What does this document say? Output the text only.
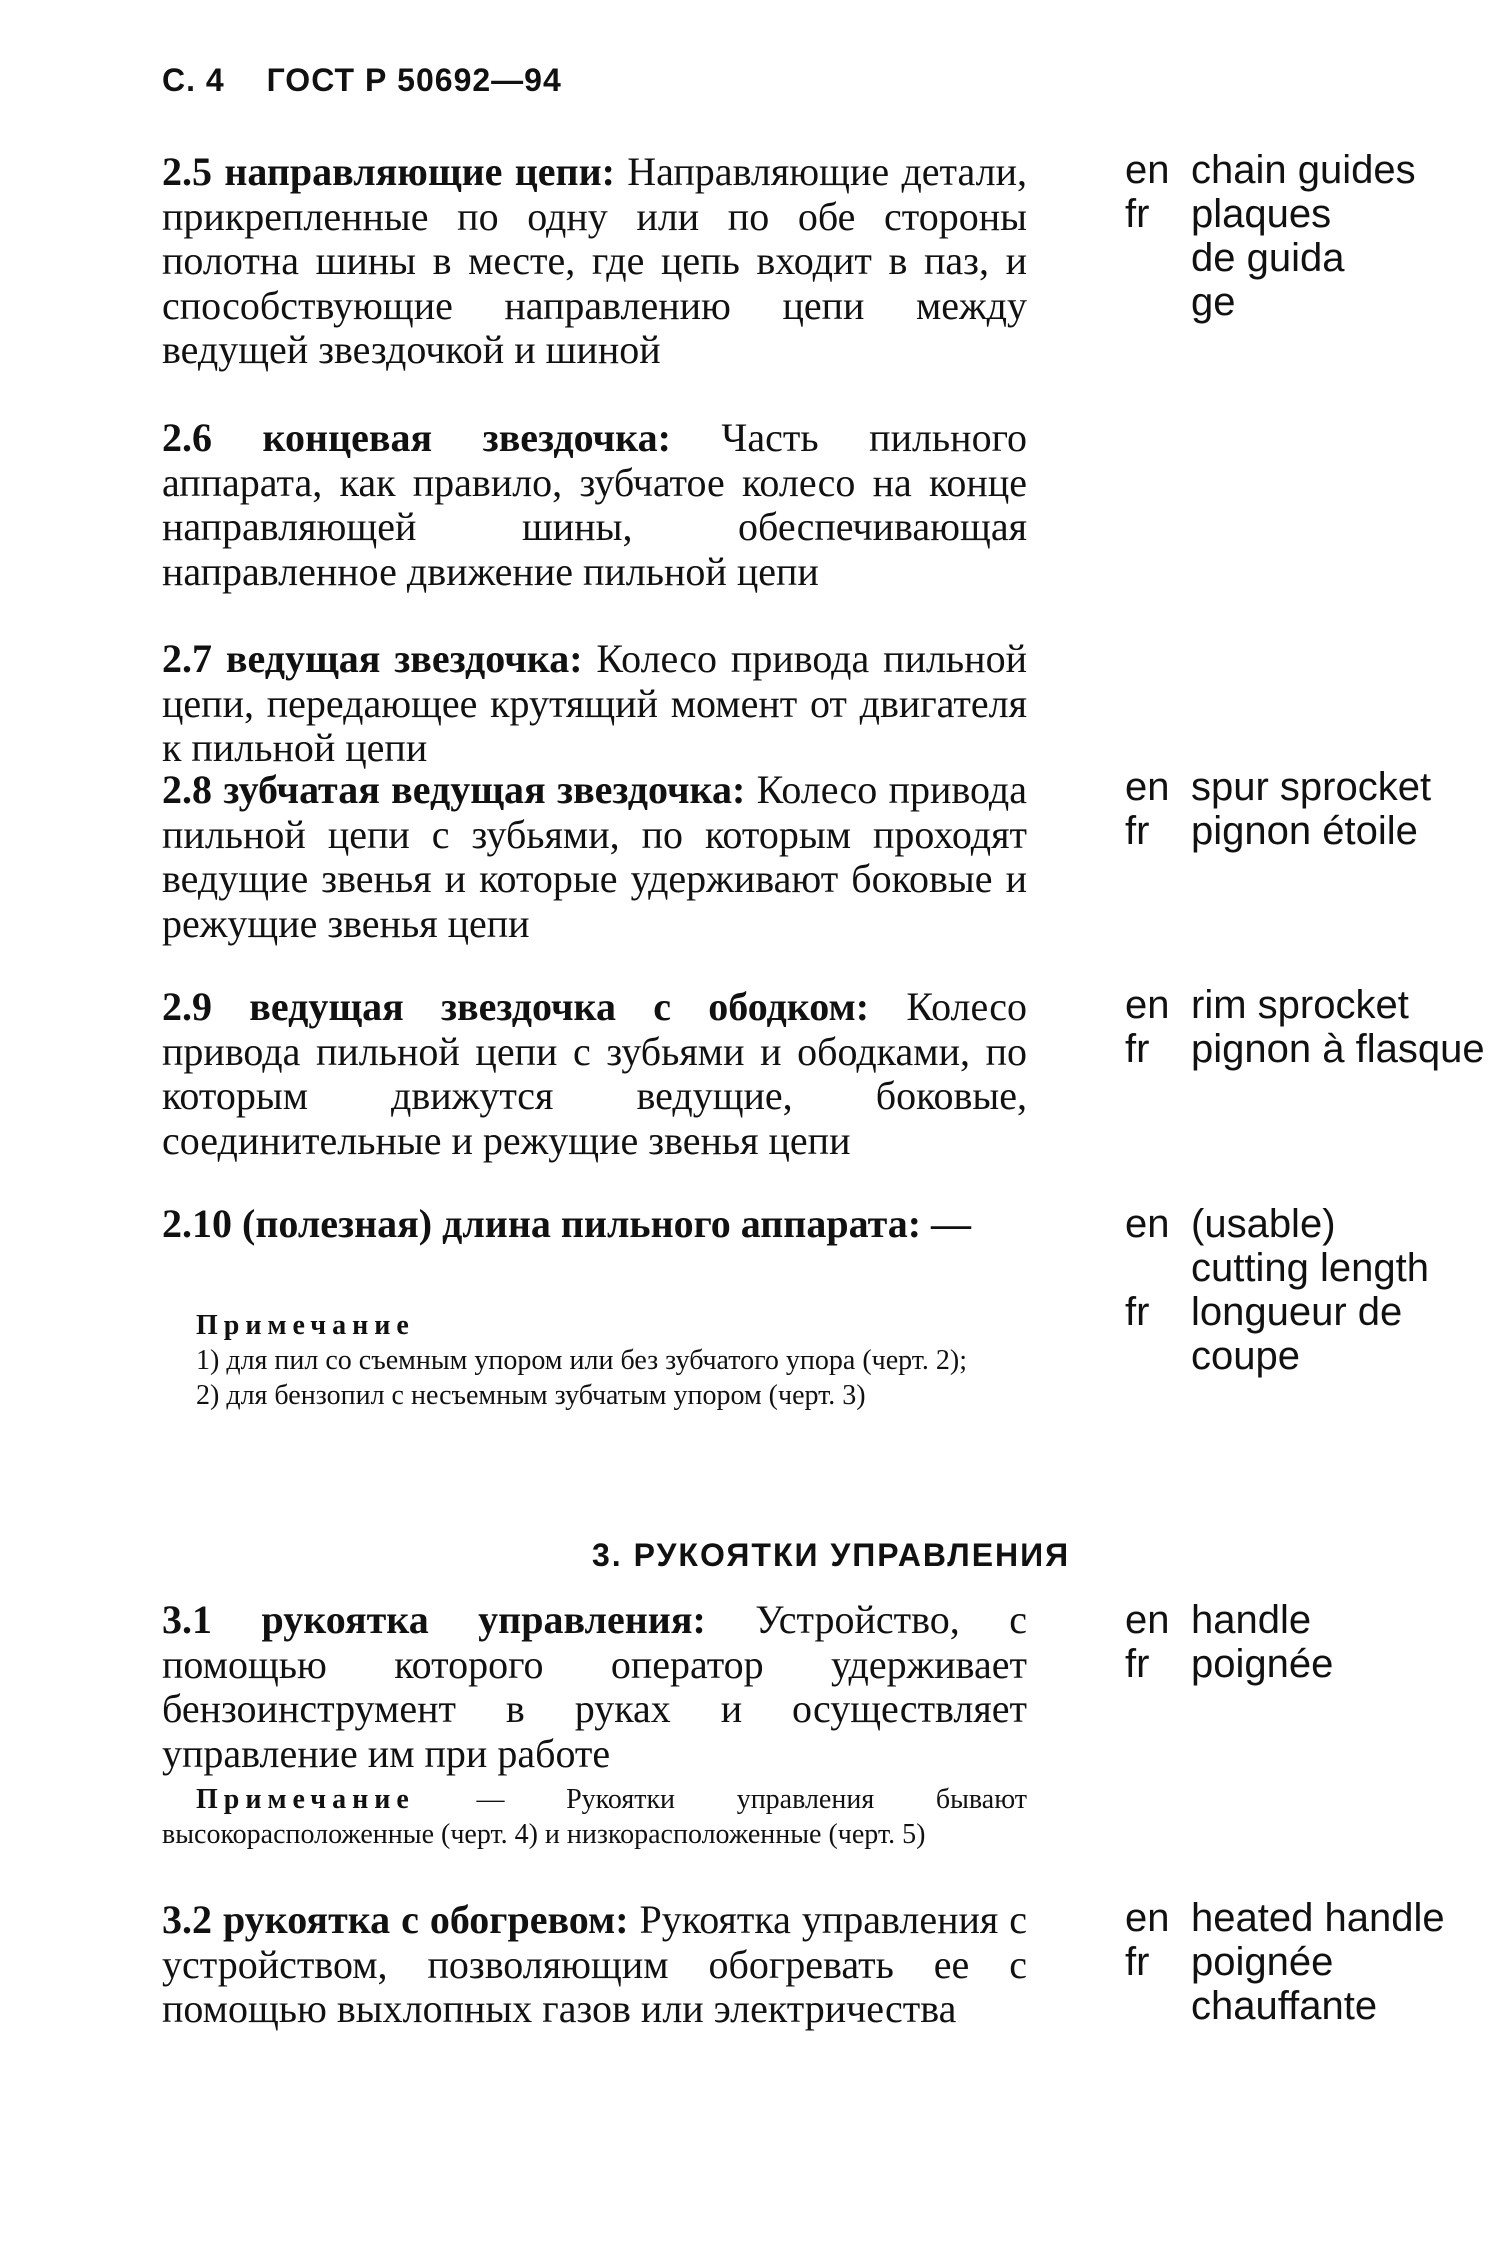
С. 4 ГОСТ Р 50692—94
2.5 направляющие цепи: Направляющие детали, прикрепленные по одну или по обе стороны полотна шины в месте, где цепь входит в паз, и способствующие направлению цепи между ведущей звездочкой и шиной
2.6 концевая звездочка: Часть пильного аппарата, как правило, зубчатое колесо на конце направляющей шины, обеспечивающая направленное движение пильной цепи
2.7 ведущая звездочка: Колесо привода пильной цепи, передающее крутящий момент от двигателя к пильной цепи
2.8 зубчатая ведущая звездочка: Колесо привода пильной цепи с зубьями, по которым проходят ведущие звенья и которые удерживают боковые и режущие звенья цепи
2.9 ведущая звездочка с ободком: Колесо привода пильной цепи с зубьями и ободками, по которым движутся ведущие, боковые, соединительные и режущие звенья цепи
2.10 (полезная) длина пильного аппарата: —
Примечание
1) для пил со съемным упором или без зубчатого упора (черт. 2);
2) для бензопил с несъемным зубчатым упором (черт. 3)
3. РУКОЯТКИ УПРАВЛЕНИЯ
3.1 рукоятка управления: Устройство, с помощью которого оператор удерживает бензоинструмент в руках и осуществляет управление им при работе
Примечание — Рукоятки управления бывают высокорасположенные (черт. 4) и низкорасположенные (черт. 5)
3.2 рукоятка с обогревом: Рукоятка управления с устройством, позволяющим обогревать ее с помощью выхлопных газов или электричества
en chain guides
fr plaques de guidage
en spur sprocket
fr pignon étoile
en rim sprocket
fr pignon à flasque
en (usable) cutting length
fr longueur de coupe
en handle
fr poignée
en heated handle
fr poignée chauffante
